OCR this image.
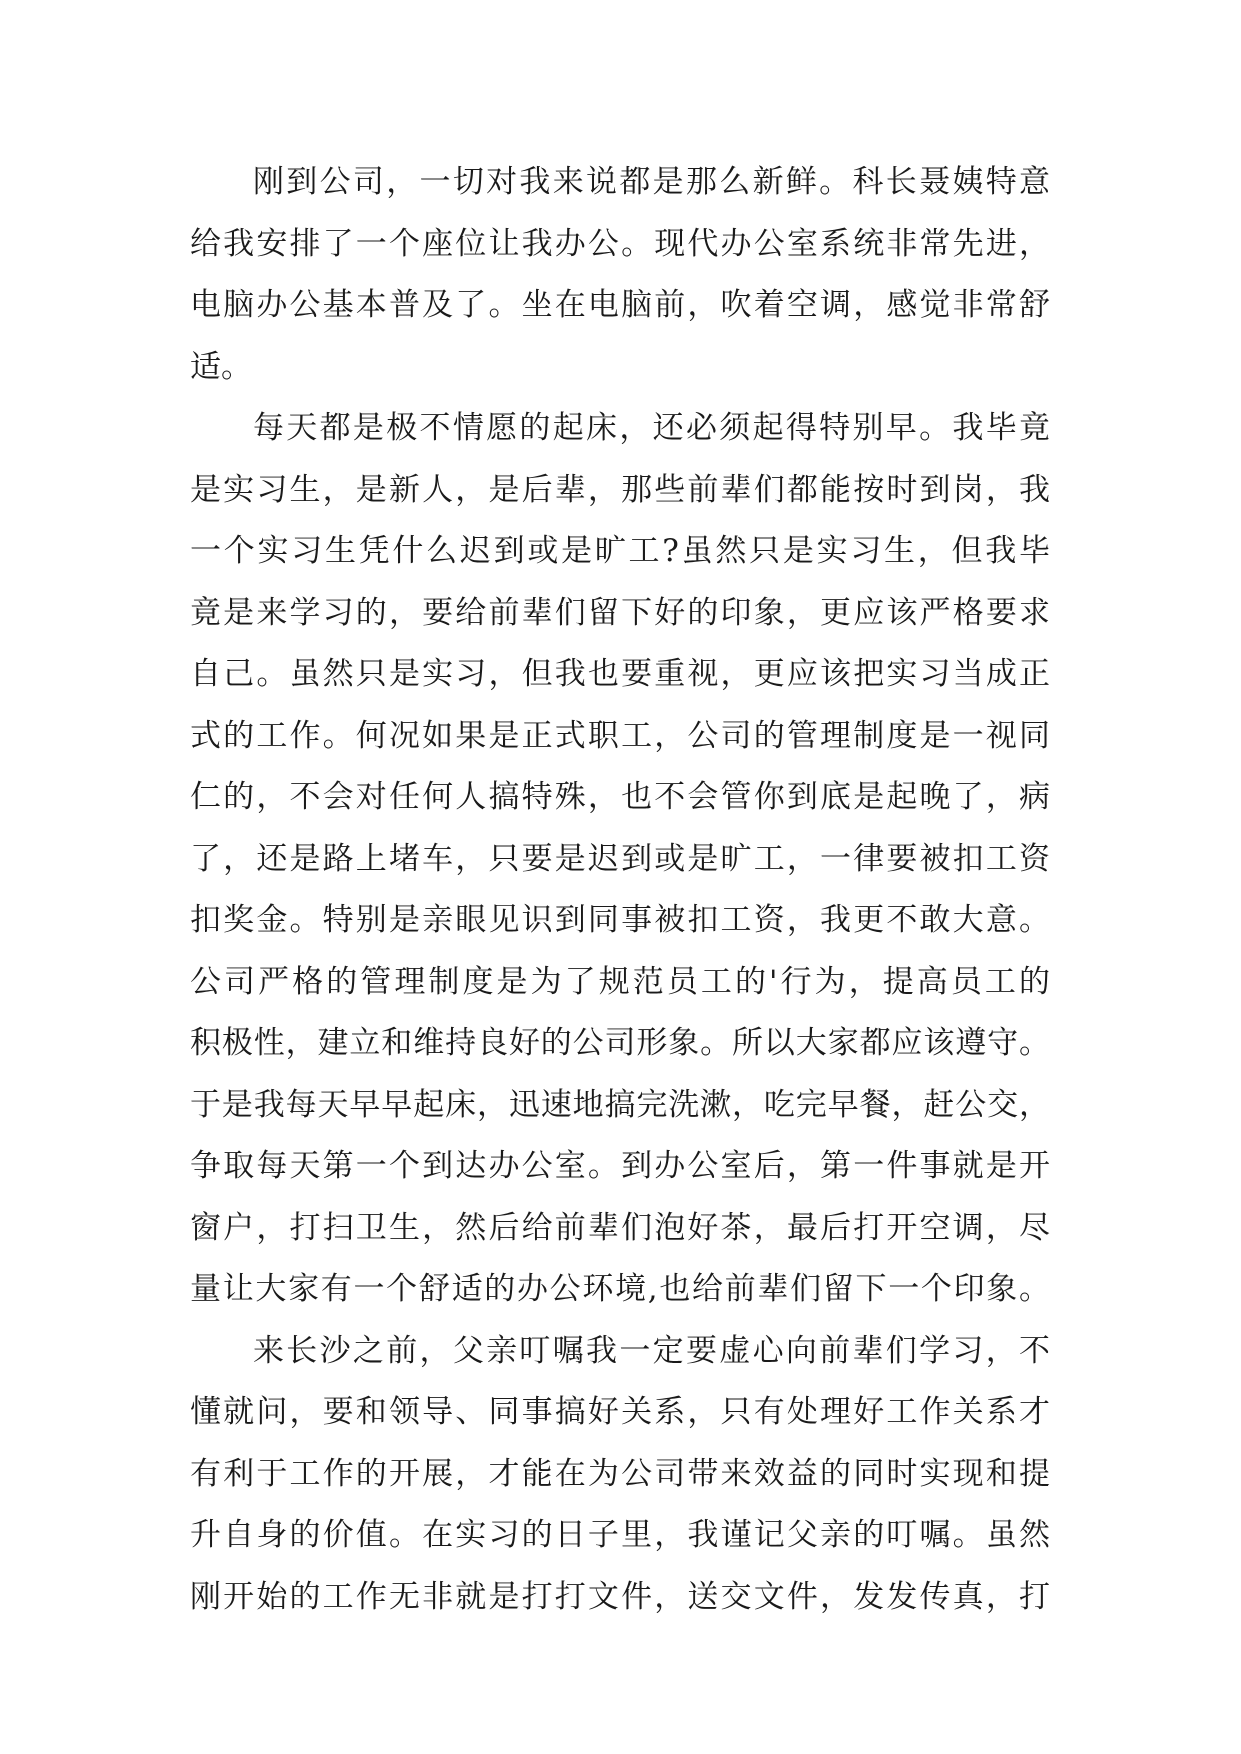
刚到公司，一切对我来说都是那么新鲜。科长聂姨特意
给我安排了一个座位让我办公。现代办公室系统非常先进，
电脑办公基本普及了。坐在电脑前，吹着空调，感觉非常舒
适。
每天都是极不情愿的起床，还必须起得特别早。我毕竟
是实习生，是新人，是后辈，那些前辈们都能按时到岗，我
一个实习生凭什么迟到或是旷工?虽然只是实习生，但我毕
竟是来学习的，要给前辈们留下好的印象，更应该严格要求
自己。虽然只是实习，但我也要重视，更应该把实习当成正
式的工作。何况如果是正式职工，公司的管理制度是一视同
仁的，不会对任何人搞特殊，也不会管你到底是起晚了，病
了，还是路上堵车，只要是迟到或是旷工，一律要被扣工资
扣奖金。特别是亲眼见识到同事被扣工资，我更不敢大意。
公司严格的管理制度是为了规范员工的'行为，提高员工的
积极性，建立和维持良好的公司形象。所以大家都应该遵守。
于是我每天早早起床，迅速地搞完洗漱，吃完早餐，赶公交，
争取每天第一个到达办公室。到办公室后，第一件事就是开
窗户，打扫卫生，然后给前辈们泡好茶，最后打开空调，尽
量让大家有一个舒适的办公环境,也给前辈们留下一个印象。
来长沙之前，父亲叮嘱我一定要虚心向前辈们学习，不
懂就问，要和领导、同事搞好关系，只有处理好工作关系才
有利于工作的开展，才能在为公司带来效益的同时实现和提
升自身的价值。在实习的日子里，我谨记父亲的叮嘱。虽然
刚开始的工作无非就是打打文件，送交文件，发发传真，打
